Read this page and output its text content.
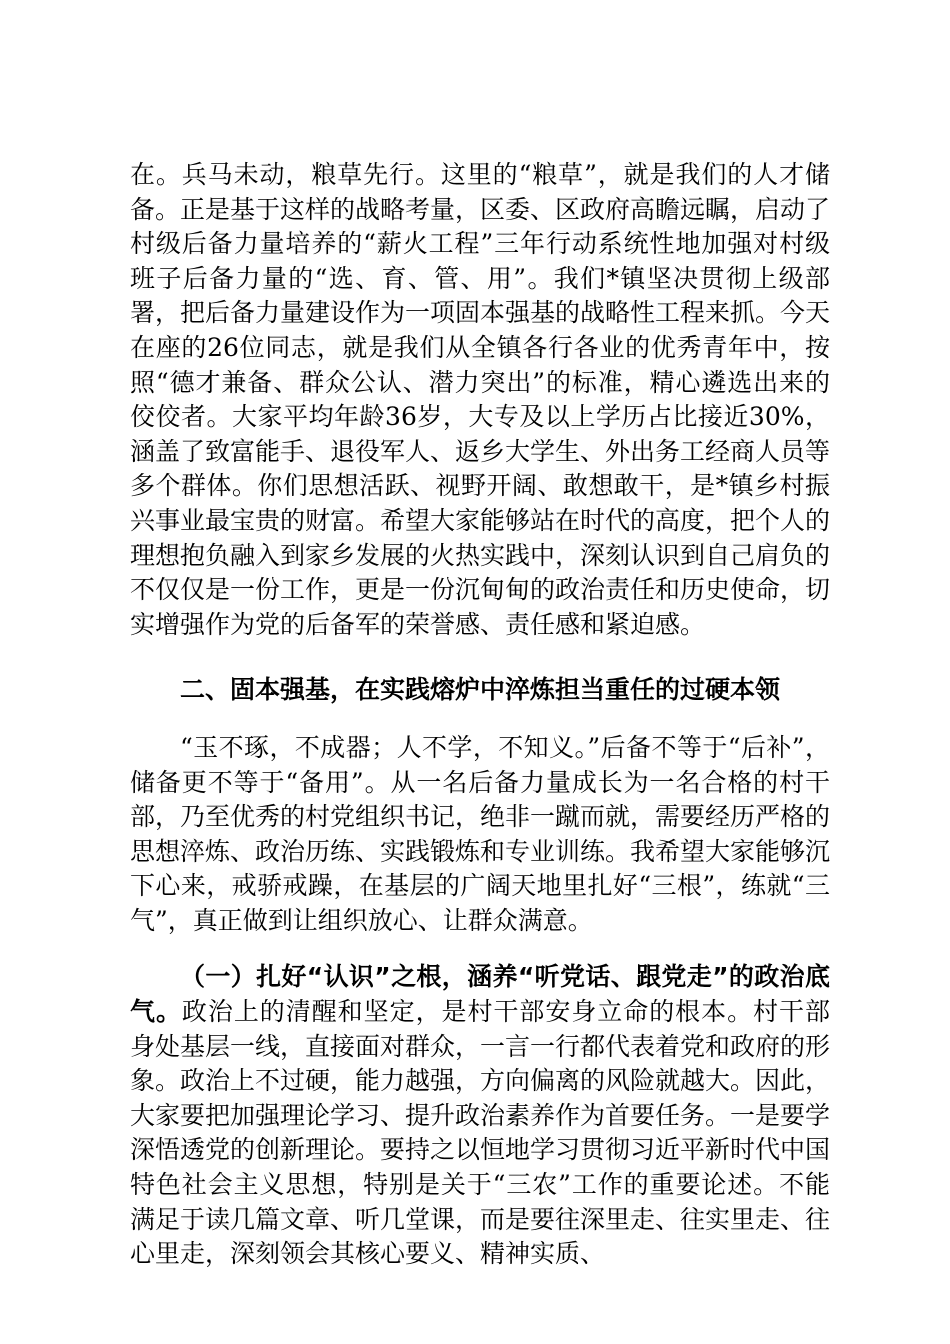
在。兵马未动，粮草先行。这里的“粮草”，就是我们的人才储备。正是基于这样的战略考量，区委、区政府高瞻远瞩，启动了村级后备力量培养的“薪火工程”三年行动系统性地加强对村级班子后备力量的“选、育、管、用”。我们*镇坚决贯彻上级部署，把后备力量建设作为一项固本强基的战略性工程来抓。今天在座的26位同志，就是我们从全镇各行各业的优秀青年中，按照“德才兼备、群众公认、潜力突出”的标准，精心遴选出来的佼佼者。大家平均年龄36岁，大专及以上学历占比接近30%，涵盖了致富能手、退役军人、返乡大学生、外出务工经商人员等多个群体。你们思想活跃、视野开阔、敢想敢干，是*镇乡村振兴事业最宝贵的财富。希望大家能够站在时代的高度，把个人的理想抱负融入到家乡发展的火热实践中，深刻认识到自己肩负的不仅仅是一份工作，更是一份沉甸甸的政治责任和历史使命，切实增强作为党的后备军的荣誉感、责任感和紧迫感。

二、固本强基，在实践熔炉中淬炼担当重任的过硬本领

“玉不琢，不成器；人不学，不知义。”后备不等于“后补”，储备更不等于“备用”。从一名后备力量成长为一名合格的村干部，乃至优秀的村党组织书记，绝非一蹴而就，需要经历严格的思想淬炼、政治历练、实践锻炼和专业训练。我希望大家能够沉下心来，戒骄戒躁，在基层的广阔天地里扎好“三根”，练就“三气”，真正做到让组织放心、让群众满意。

（一）扎好“认识”之根，涵养“听党话、跟党走”的政治底气。政治上的清醒和坚定，是村干部安身立命的根本。村干部身处基层一线，直接面对群众，一言一行都代表着党和政府的形象。政治上不过硬，能力越强，方向偏离的风险就越大。因此，大家要把加强理论学习、提升政治素养作为首要任务。一是要学深悟透党的创新理论。要持之以恒地学习贯彻习近平新时代中国特色社会主义思想，特别是关于“三农”工作的重要论述。不能满足于读几篇文章、听几堂课，而是要往深里走、往实里走、往心里走，深刻领会其核心要义、精神实质、
